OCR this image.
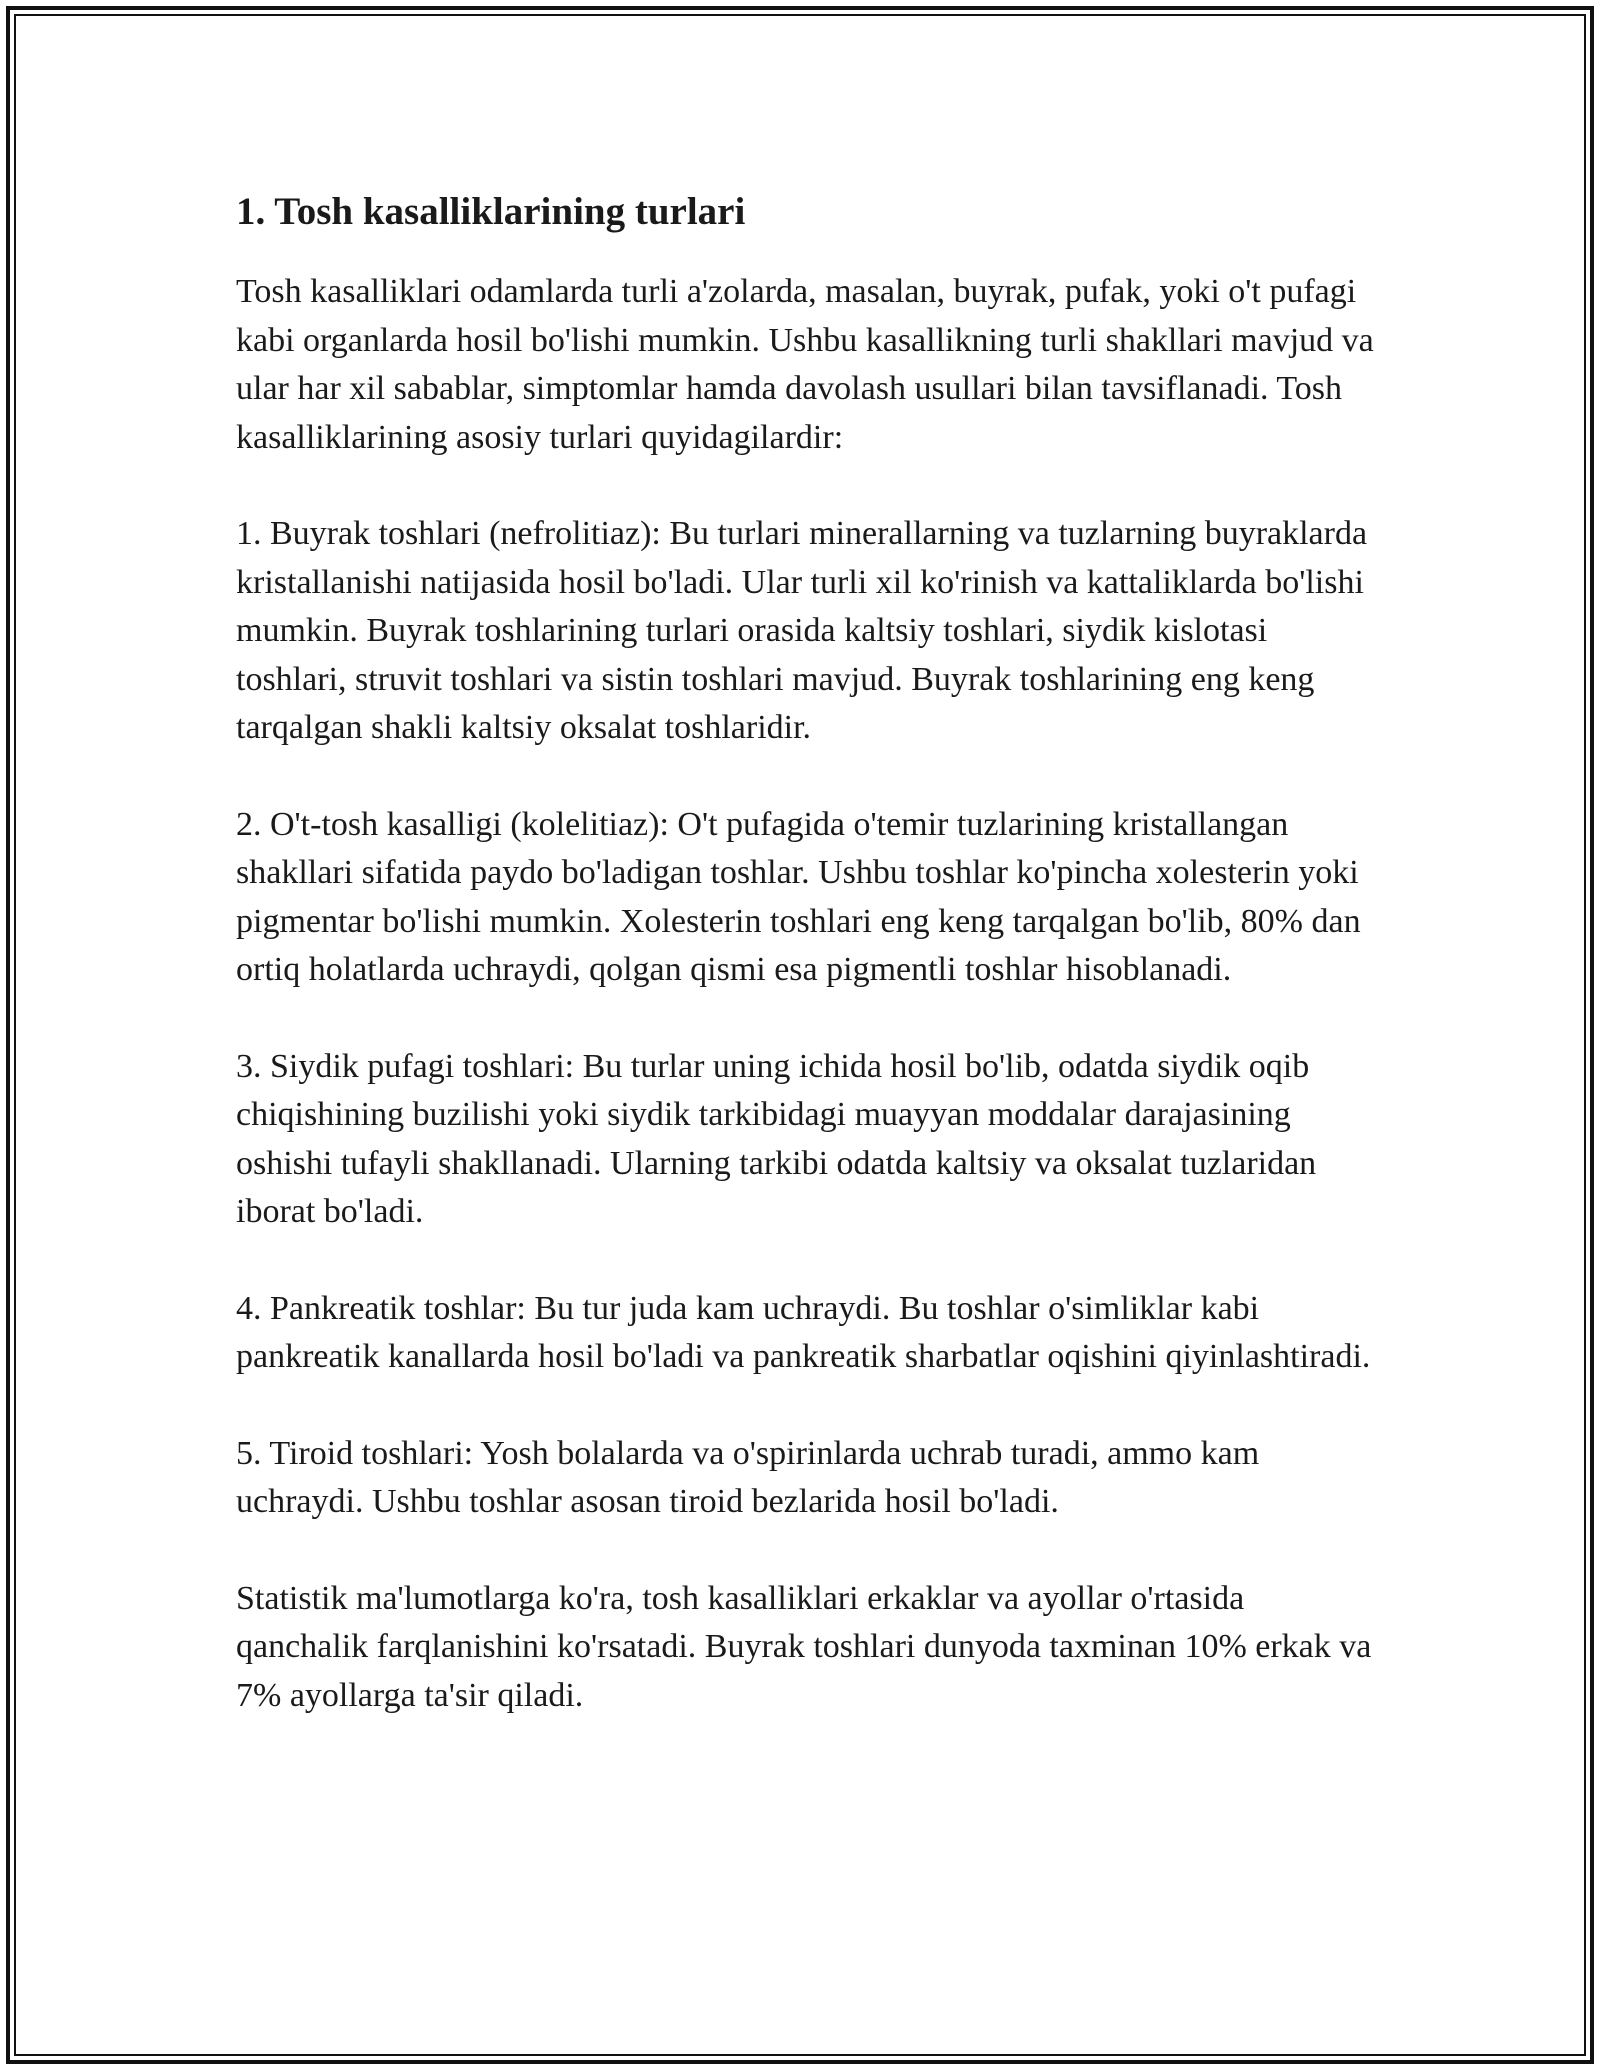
1. Tosh kasalliklarining turlari

Tosh kasalliklari odamlarda turli a'zolarda, masalan, buyrak, pufak, yoki o't pufagi kabi organlarda hosil bo'lishi mumkin. Ushbu kasallikning turli shakllari mavjud va ular har xil sabablar, simptomlar hamda davolash usullari bilan tavsiflanadi. Tosh kasalliklarining asosiy turlari quyidagilardir:

1. Buyrak toshlari (nefrolitiaz): Bu turlari minerallarning va tuzlarning buyraklarda kristallanishi natijasida hosil bo'ladi. Ular turli xil ko'rinish va kattaliklarda bo'lishi mumkin. Buyrak toshlarining turlari orasida kaltsiy toshlari, siydik kislotasi toshlari, struvit toshlari va sistin toshlari mavjud. Buyrak toshlarining eng keng tarqalgan shakli kaltsiy oksalat toshlaridir.

2. O't-tosh kasalligi (kolelitiaz): O't pufagida o'temir tuzlarining kristallangan shakllari sifatida paydo bo'ladigan toshlar. Ushbu toshlar ko'pincha xolesterin yoki pigmentar bo'lishi mumkin. Xolesterin toshlari eng keng tarqalgan bo'lib, 80% dan ortiq holatlarda uchraydi, qolgan qismi esa pigmentli toshlar hisoblanadi.

3. Siydik pufagi toshlari: Bu turlar uning ichida hosil bo'lib, odatda siydik oqib chiqishining buzilishi yoki siydik tarkibidagi muayyan moddalar darajasining oshishi tufayli shakllanadi. Ularning tarkibi odatda kaltsiy va oksalat tuzlaridan iborat bo'ladi.

4. Pankreatik toshlar: Bu tur juda kam uchraydi. Bu toshlar o'simliklar kabi pankreatik kanallarda hosil bo'ladi va pankreatik sharbatlar oqishini qiyinlashtiradi.

5. Tiroid toshlari: Yosh bolalarda va o'spirinlarda uchrab turadi, ammo kam uchraydi. Ushbu toshlar asosan tiroid bezlarida hosil bo'ladi.

Statistik ma'lumotlarga ko'ra, tosh kasalliklari erkaklar va ayollar o'rtasida qanchalik farqlanishini ko'rsatadi. Buyrak toshlari dunyoda taxminan 10% erkak va 7% ayollarga ta'sir qiladi.
